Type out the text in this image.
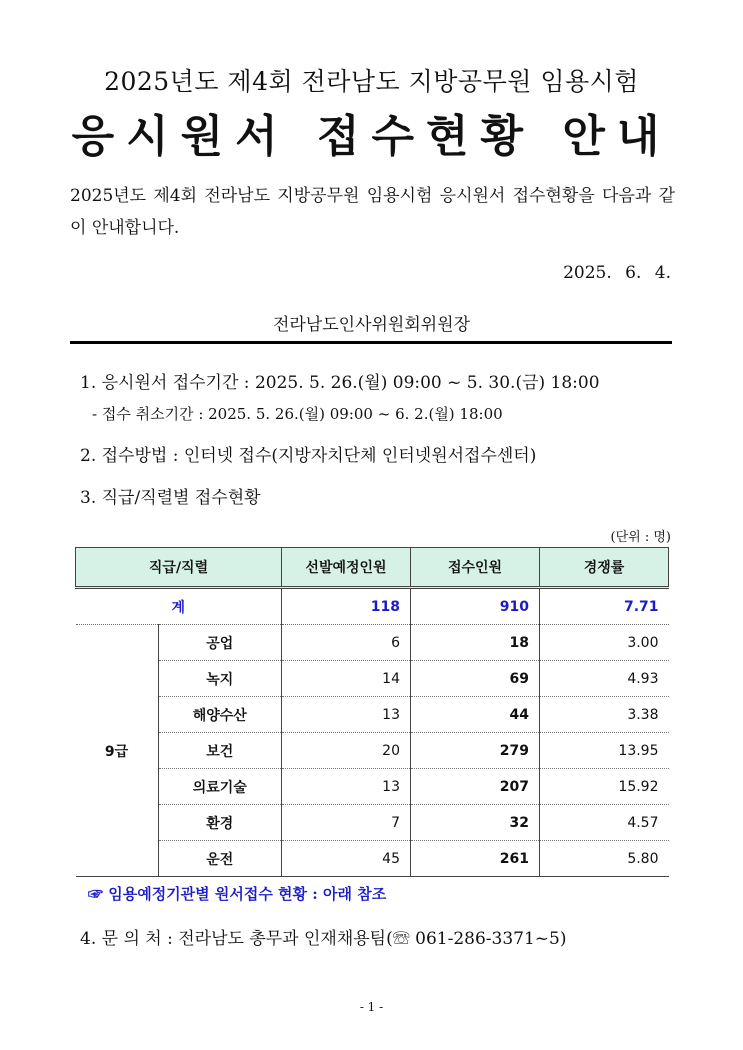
2025년도 제4회 전라남도 지방공무원 임용시험
응시원서 접수현황 안내
2025년도 제4회 전라남도 지방공무원 임용시험 응시원서 접수현황을 다음과 같이 안내합니다.
2025. 6. 4.
전라남도인사위원회위원장
1. 응시원서 접수기간 : 2025. 5. 26.(월) 09:00 ~ 5. 30.(금) 18:00
- 접수 취소기간 : 2025. 5. 26.(월) 09:00 ~ 6. 2.(월) 18:00
2. 접수방법 : 인터넷 접수(지방자치단체 인터넷원서접수센터)
3. 직급/직렬별 접수현황
(단위 : 명)
직급/직렬		선발예정인원	접수인원	경쟁률
계		118	910	7.71
9급	공업	6	18	3.00
	녹지	14	69	4.93
	해양수산	13	44	3.38
	보건	20	279	13.95
	의료기술	13	207	15.92
	환경	7	32	4.57
	운전	45	261	5.80
☞ 임용예정기관별 원서접수 현황 : 아래 참조
4. 문 의 처 : 전라남도 총무과 인재채용팀(☏ 061-286-3371~5)
- 1 -
